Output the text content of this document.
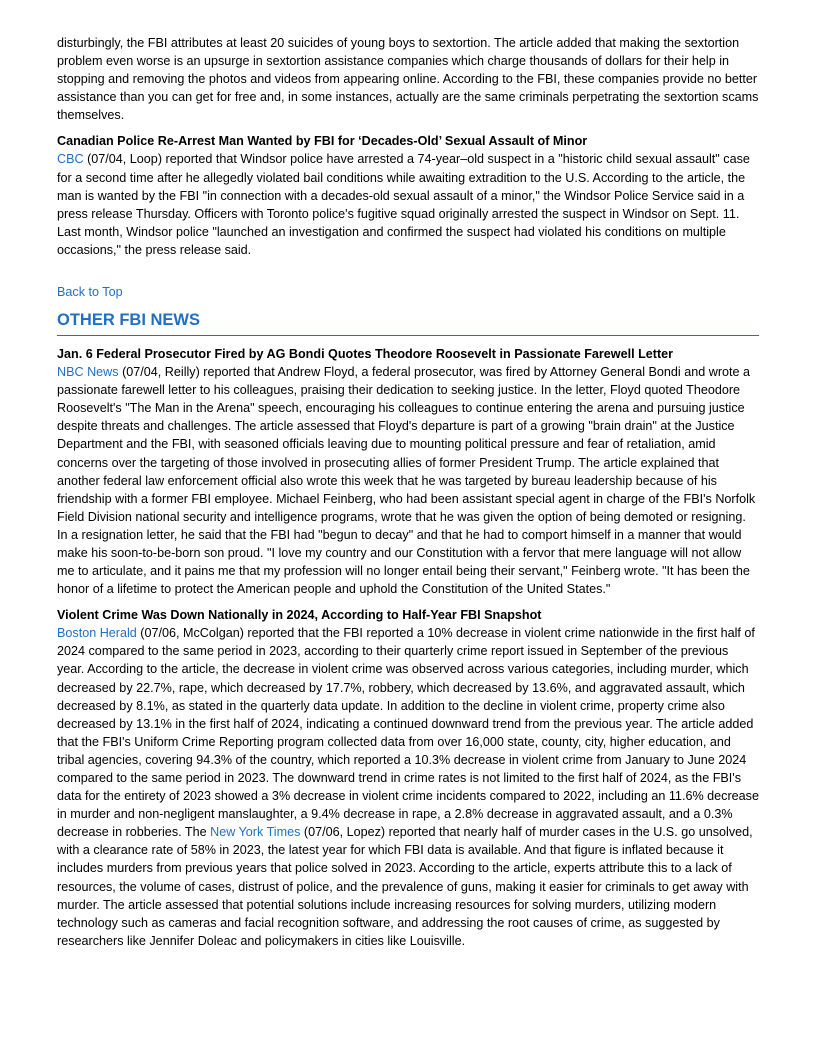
disturbingly, the FBI attributes at least 20 suicides of young boys to sextortion. The article added that making the sextortion problem even worse is an upsurge in sextortion assistance companies which charge thousands of dollars for their help in stopping and removing the photos and videos from appearing online. According to the FBI, these companies provide no better assistance than you can get for free and, in some instances, actually are the same criminals perpetrating the sextortion scams themselves.

Canadian Police Re-Arrest Man Wanted by FBI for ‘Decades-Old’ Sexual Assault of Minor

CBC (07/04, Loop) reported that Windsor police have arrested a 74-year–old suspect in a "historic child sexual assault" case for a second time after he allegedly violated bail conditions while awaiting extradition to the U.S. According to the article, the man is wanted by the FBI "in connection with a decades-old sexual assault of a minor," the Windsor Police Service said in a press release Thursday. Officers with Toronto police's fugitive squad originally arrested the suspect in Windsor on Sept. 11. Last month, Windsor police "launched an investigation and confirmed the suspect had violated his conditions on multiple occasions," the press release said.

Back to Top
OTHER FBI NEWS
Jan. 6 Federal Prosecutor Fired by AG Bondi Quotes Theodore Roosevelt in Passionate Farewell Letter

NBC News (07/04, Reilly) reported that Andrew Floyd, a federal prosecutor, was fired by Attorney General Bondi and wrote a passionate farewell letter to his colleagues, praising their dedication to seeking justice. In the letter, Floyd quoted Theodore Roosevelt's "The Man in the Arena" speech, encouraging his colleagues to continue entering the arena and pursuing justice despite threats and challenges. The article assessed that Floyd's departure is part of a growing "brain drain" at the Justice Department and the FBI, with seasoned officials leaving due to mounting political pressure and fear of retaliation, amid concerns over the targeting of those involved in prosecuting allies of former President Trump. The article explained that another federal law enforcement official also wrote this week that he was targeted by bureau leadership because of his friendship with a former FBI employee. Michael Feinberg, who had been assistant special agent in charge of the FBI's Norfolk Field Division national security and intelligence programs, wrote that he was given the option of being demoted or resigning. In a resignation letter, he said that the FBI had "begun to decay" and that he had to comport himself in a manner that would make his soon-to-be-born son proud. "I love my country and our Constitution with a fervor that mere language will not allow me to articulate, and it pains me that my profession will no longer entail being their servant," Feinberg wrote. "It has been the honor of a lifetime to protect the American people and uphold the Constitution of the United States."

Violent Crime Was Down Nationally in 2024, According to Half-Year FBI Snapshot

Boston Herald (07/06, McColgan) reported that the FBI reported a 10% decrease in violent crime nationwide in the first half of 2024 compared to the same period in 2023, according to their quarterly crime report issued in September of the previous year. According to the article, the decrease in violent crime was observed across various categories, including murder, which decreased by 22.7%, rape, which decreased by 17.7%, robbery, which decreased by 13.6%, and aggravated assault, which decreased by 8.1%, as stated in the quarterly data update. In addition to the decline in violent crime, property crime also decreased by 13.1% in the first half of 2024, indicating a continued downward trend from the previous year. The article added that the FBI's Uniform Crime Reporting program collected data from over 16,000 state, county, city, higher education, and tribal agencies, covering 94.3% of the country, which reported a 10.3% decrease in violent crime from January to June 2024 compared to the same period in 2023. The downward trend in crime rates is not limited to the first half of 2024, as the FBI's data for the entirety of 2023 showed a 3% decrease in violent crime incidents compared to 2022, including an 11.6% decrease in murder and non-negligent manslaughter, a 9.4% decrease in rape, a 2.8% decrease in aggravated assault, and a 0.3% decrease in robberies. The New York Times (07/06, Lopez) reported that nearly half of murder cases in the U.S. go unsolved, with a clearance rate of 58% in 2023, the latest year for which FBI data is available. And that figure is inflated because it includes murders from previous years that police solved in 2023. According to the article, experts attribute this to a lack of resources, the volume of cases, distrust of police, and the prevalence of guns, making it easier for criminals to get away with murder. The article assessed that potential solutions include increasing resources for solving murders, utilizing modern technology such as cameras and facial recognition software, and addressing the root causes of crime, as suggested by researchers like Jennifer Doleac and policymakers in cities like Louisville.
